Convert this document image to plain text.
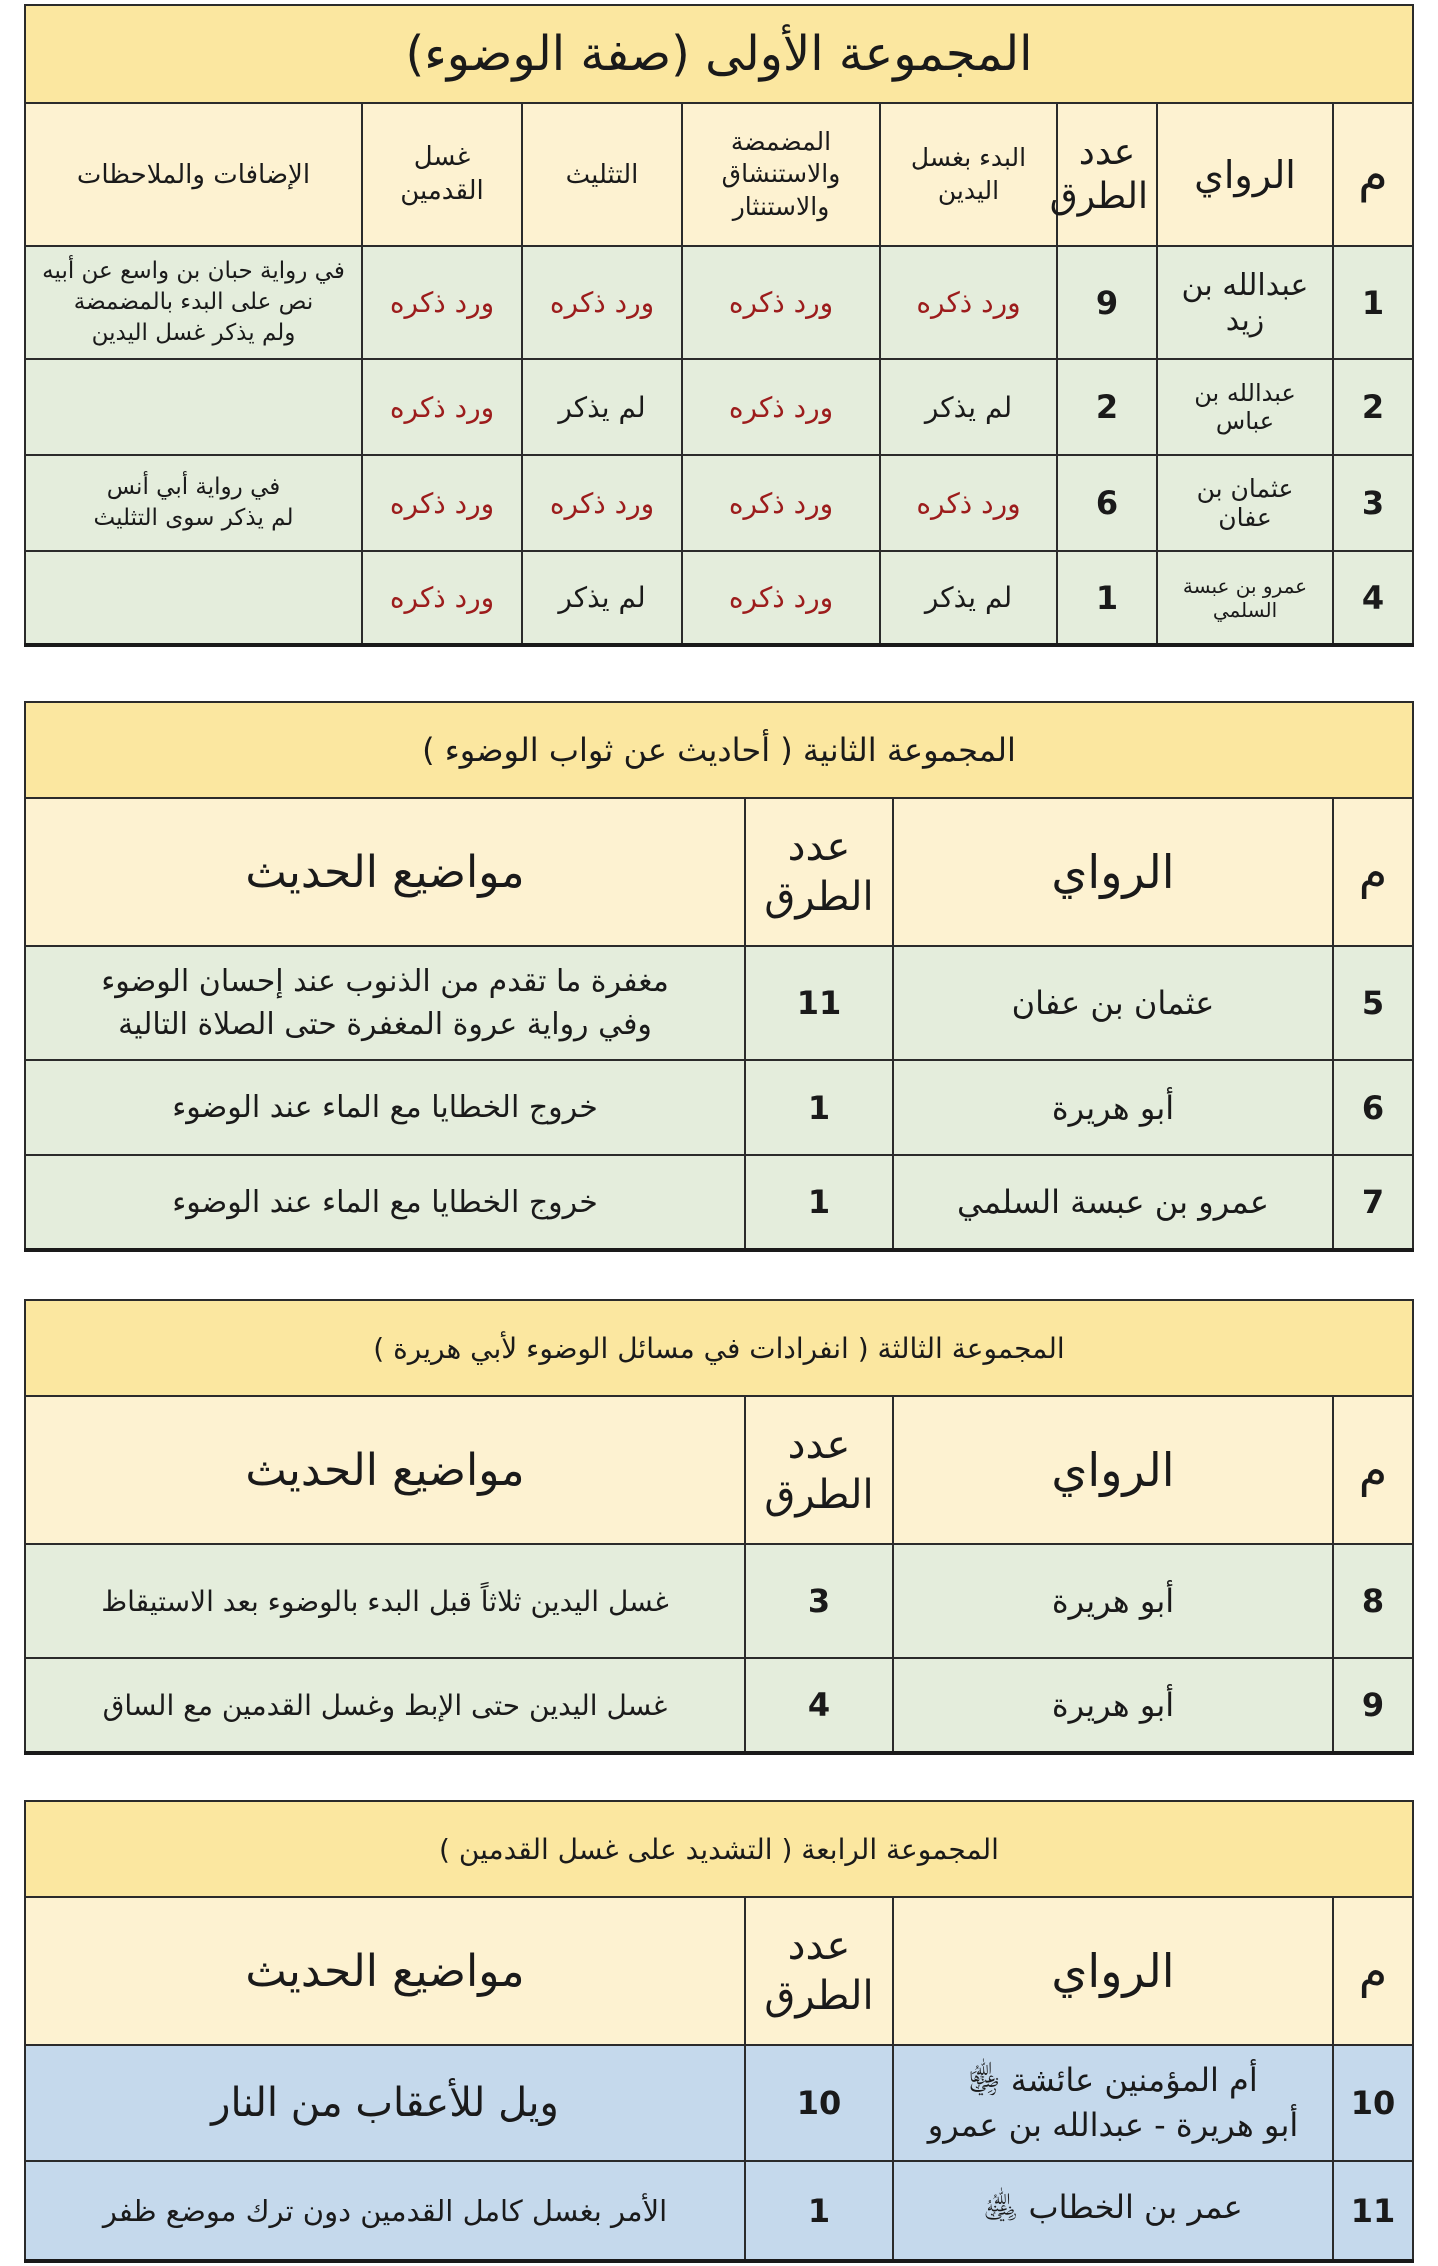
المجموعة الأولى (صفة الوضوء)							
م	الرواي	عدد الطرق	البدء بغسل اليدين	المضمضة والاستنشاق والاستنثار	التثليث	غسل القدمين	الإضافات والملاحظات
1	عبدالله بن زيد	9	ورد ذكره	ورد ذكره	ورد ذكره	ورد ذكره	في رواية حبان بن واسع عن أبيه
نص على البدء بالمضمضة
ولم يذكر غسل اليدين

2	عبدالله بن عباس	2	لم يذكر	ورد ذكره	لم يذكر	ورد ذكره	
3	عثمان بن عفان	6	ورد ذكره	ورد ذكره	ورد ذكره	ورد ذكره	في رواية أبي أنس
لم يذكر سوى التثليث

4	عمرو بن عبسة السلمي	1	لم يذكر	ورد ذكره	لم يذكر	ورد ذكره	
المجموعة الثانية ( أحاديث عن ثواب الوضوء )			
م	الرواي	عدد الطرق	مواضيع الحديث
5	عثمان بن عفان	11	مغفرة ما تقدم من الذنوب عند إحسان الوضوء
وفي رواية عروة المغفرة حتى الصلاة التالية

6	أبو هريرة	1	خروج الخطايا مع الماء عند الوضوء

7	عمرو بن عبسة السلمي	1	خروج الخطايا مع الماء عند الوضوء
المجموعة الثالثة ( انفرادات في مسائل الوضوء لأبي هريرة )			
م	الرواي	عدد الطرق	مواضيع الحديث
8	أبو هريرة	3	غسل اليدين ثلاثاً قبل البدء بالوضوء بعد الاستيقاظ

9	أبو هريرة	4	غسل اليدين حتى الإبط وغسل القدمين مع الساق
المجموعة الرابعة ( التشديد على غسل القدمين )			
م	الرواي	عدد الطرق	مواضيع الحديث
10	أم المؤمنين عائشة ﵂
أبو هريرة - عبدالله بن عمرو	10	ويل للأعقاب من النار

11	عمر بن الخطاب ﵁	1	الأمر بغسل كامل القدمين دون ترك موضع ظفر
